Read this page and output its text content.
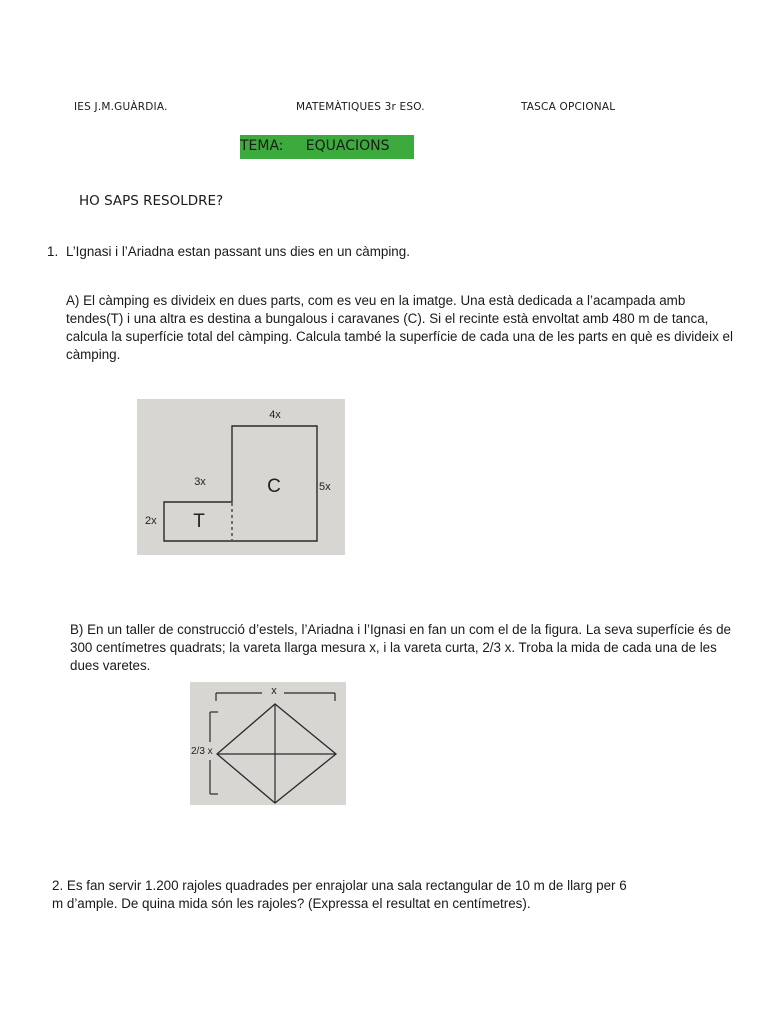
IES J.M.GUÀRDIA.	MATEMÀTIQUES 3r ESO.	TASCA OPCIONAL
TEMA: EQUACIONS
HO SAPS RESOLDRE?
1. L’Ignasi i l’Ariadna estan passant uns dies en un càmping.
A) El càmping es divideix en dues parts, com es veu en la imatge. Una està dedicada a l’acampada amb
tendes(T) i una altra es destina a bungalous i caravanes (C). Si el recinte està envoltat amb 480 m de tanca,
calcula la superfície total del càmping. Calcula també la superfície de cada una de les parts en què es divideix el
càmping.
4x
5x
3x
2x
C
T
B) En un taller de construcció d’estels, l’Ariadna i l’Ignasi en fan un com el de la figura. La seva superfície és de
300 centímetres quadrats; la vareta llarga mesura x, i la vareta curta, 2/3 x. Troba la mida de cada una de les
dues varetes.
x
2/3 x
2. Es fan servir 1.200 rajoles quadrades per enrajolar una sala rectangular de 10 m de llarg per 6
m d’ample. De quina mida són les rajoles? (Expressa el resultat en centímetres).
